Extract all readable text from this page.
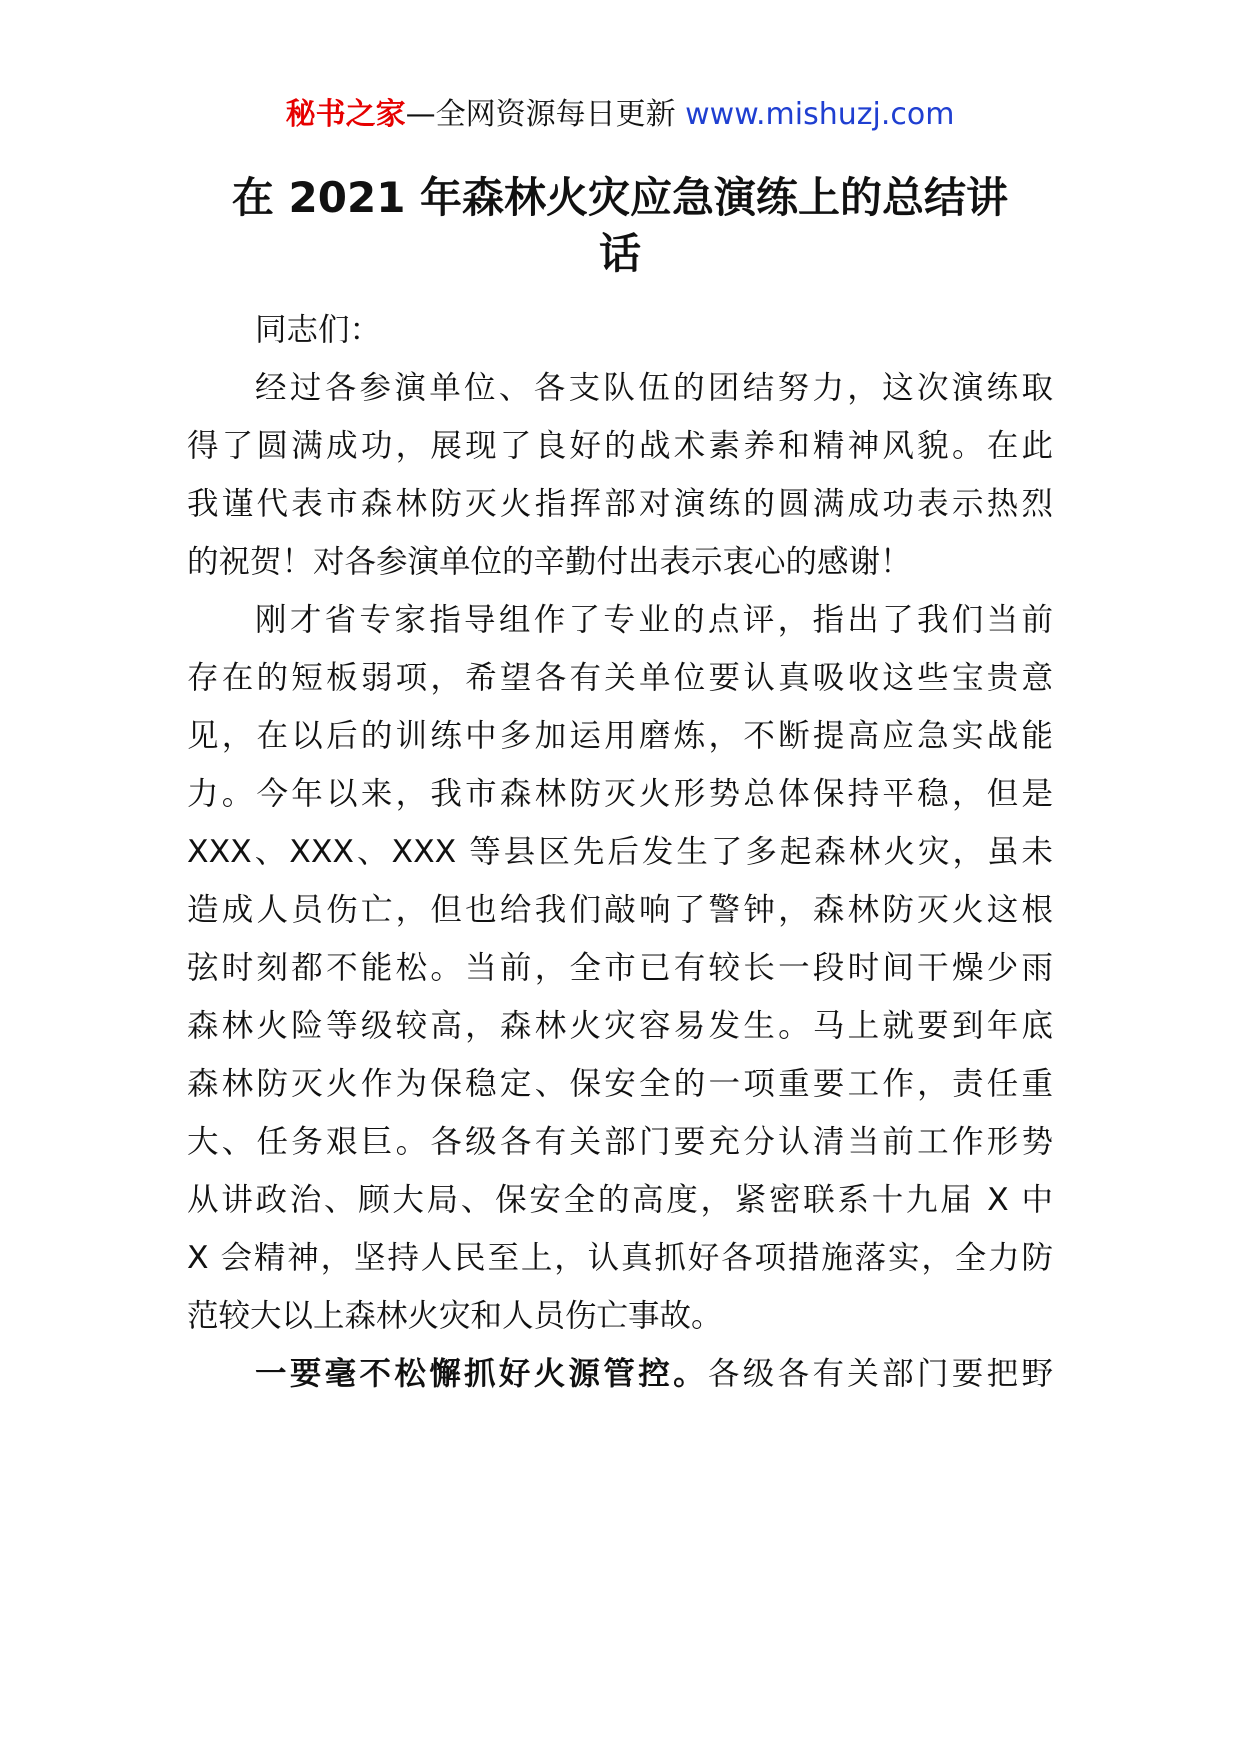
秘书之家—全网资源每日更新 www.mishuzj.com
在 2021 年森林火灾应急演练上的总结讲
话
同志们：
经过各参演单位、各支队伍的团结努力，这次演练取
得了圆满成功，展现了良好的战术素养和精神风貌。在此
我谨代表市森林防灭火指挥部对演练的圆满成功表示热烈
的祝贺！对各参演单位的辛勤付出表示衷心的感谢！
刚才省专家指导组作了专业的点评，指出了我们当前
存在的短板弱项，希望各有关单位要认真吸收这些宝贵意
见，在以后的训练中多加运用磨炼，不断提高应急实战能
力。今年以来，我市森林防灭火形势总体保持平稳，但是
XXX、XXX、XXX 等县区先后发生了多起森林火灾，虽未
造成人员伤亡，但也给我们敲响了警钟，森林防灭火这根
弦时刻都不能松。当前，全市已有较长一段时间干燥少雨
森林火险等级较高，森林火灾容易发生。马上就要到年底
森林防灭火作为保稳定、保安全的一项重要工作，责任重
大、任务艰巨。各级各有关部门要充分认清当前工作形势
从讲政治、顾大局、保安全的高度，紧密联系十九届 X 中
X 会精神，坚持人民至上，认真抓好各项措施落实，全力防
范较大以上森林火灾和人员伤亡事故。
一要毫不松懈抓好火源管控。各级各有关部门要把野
